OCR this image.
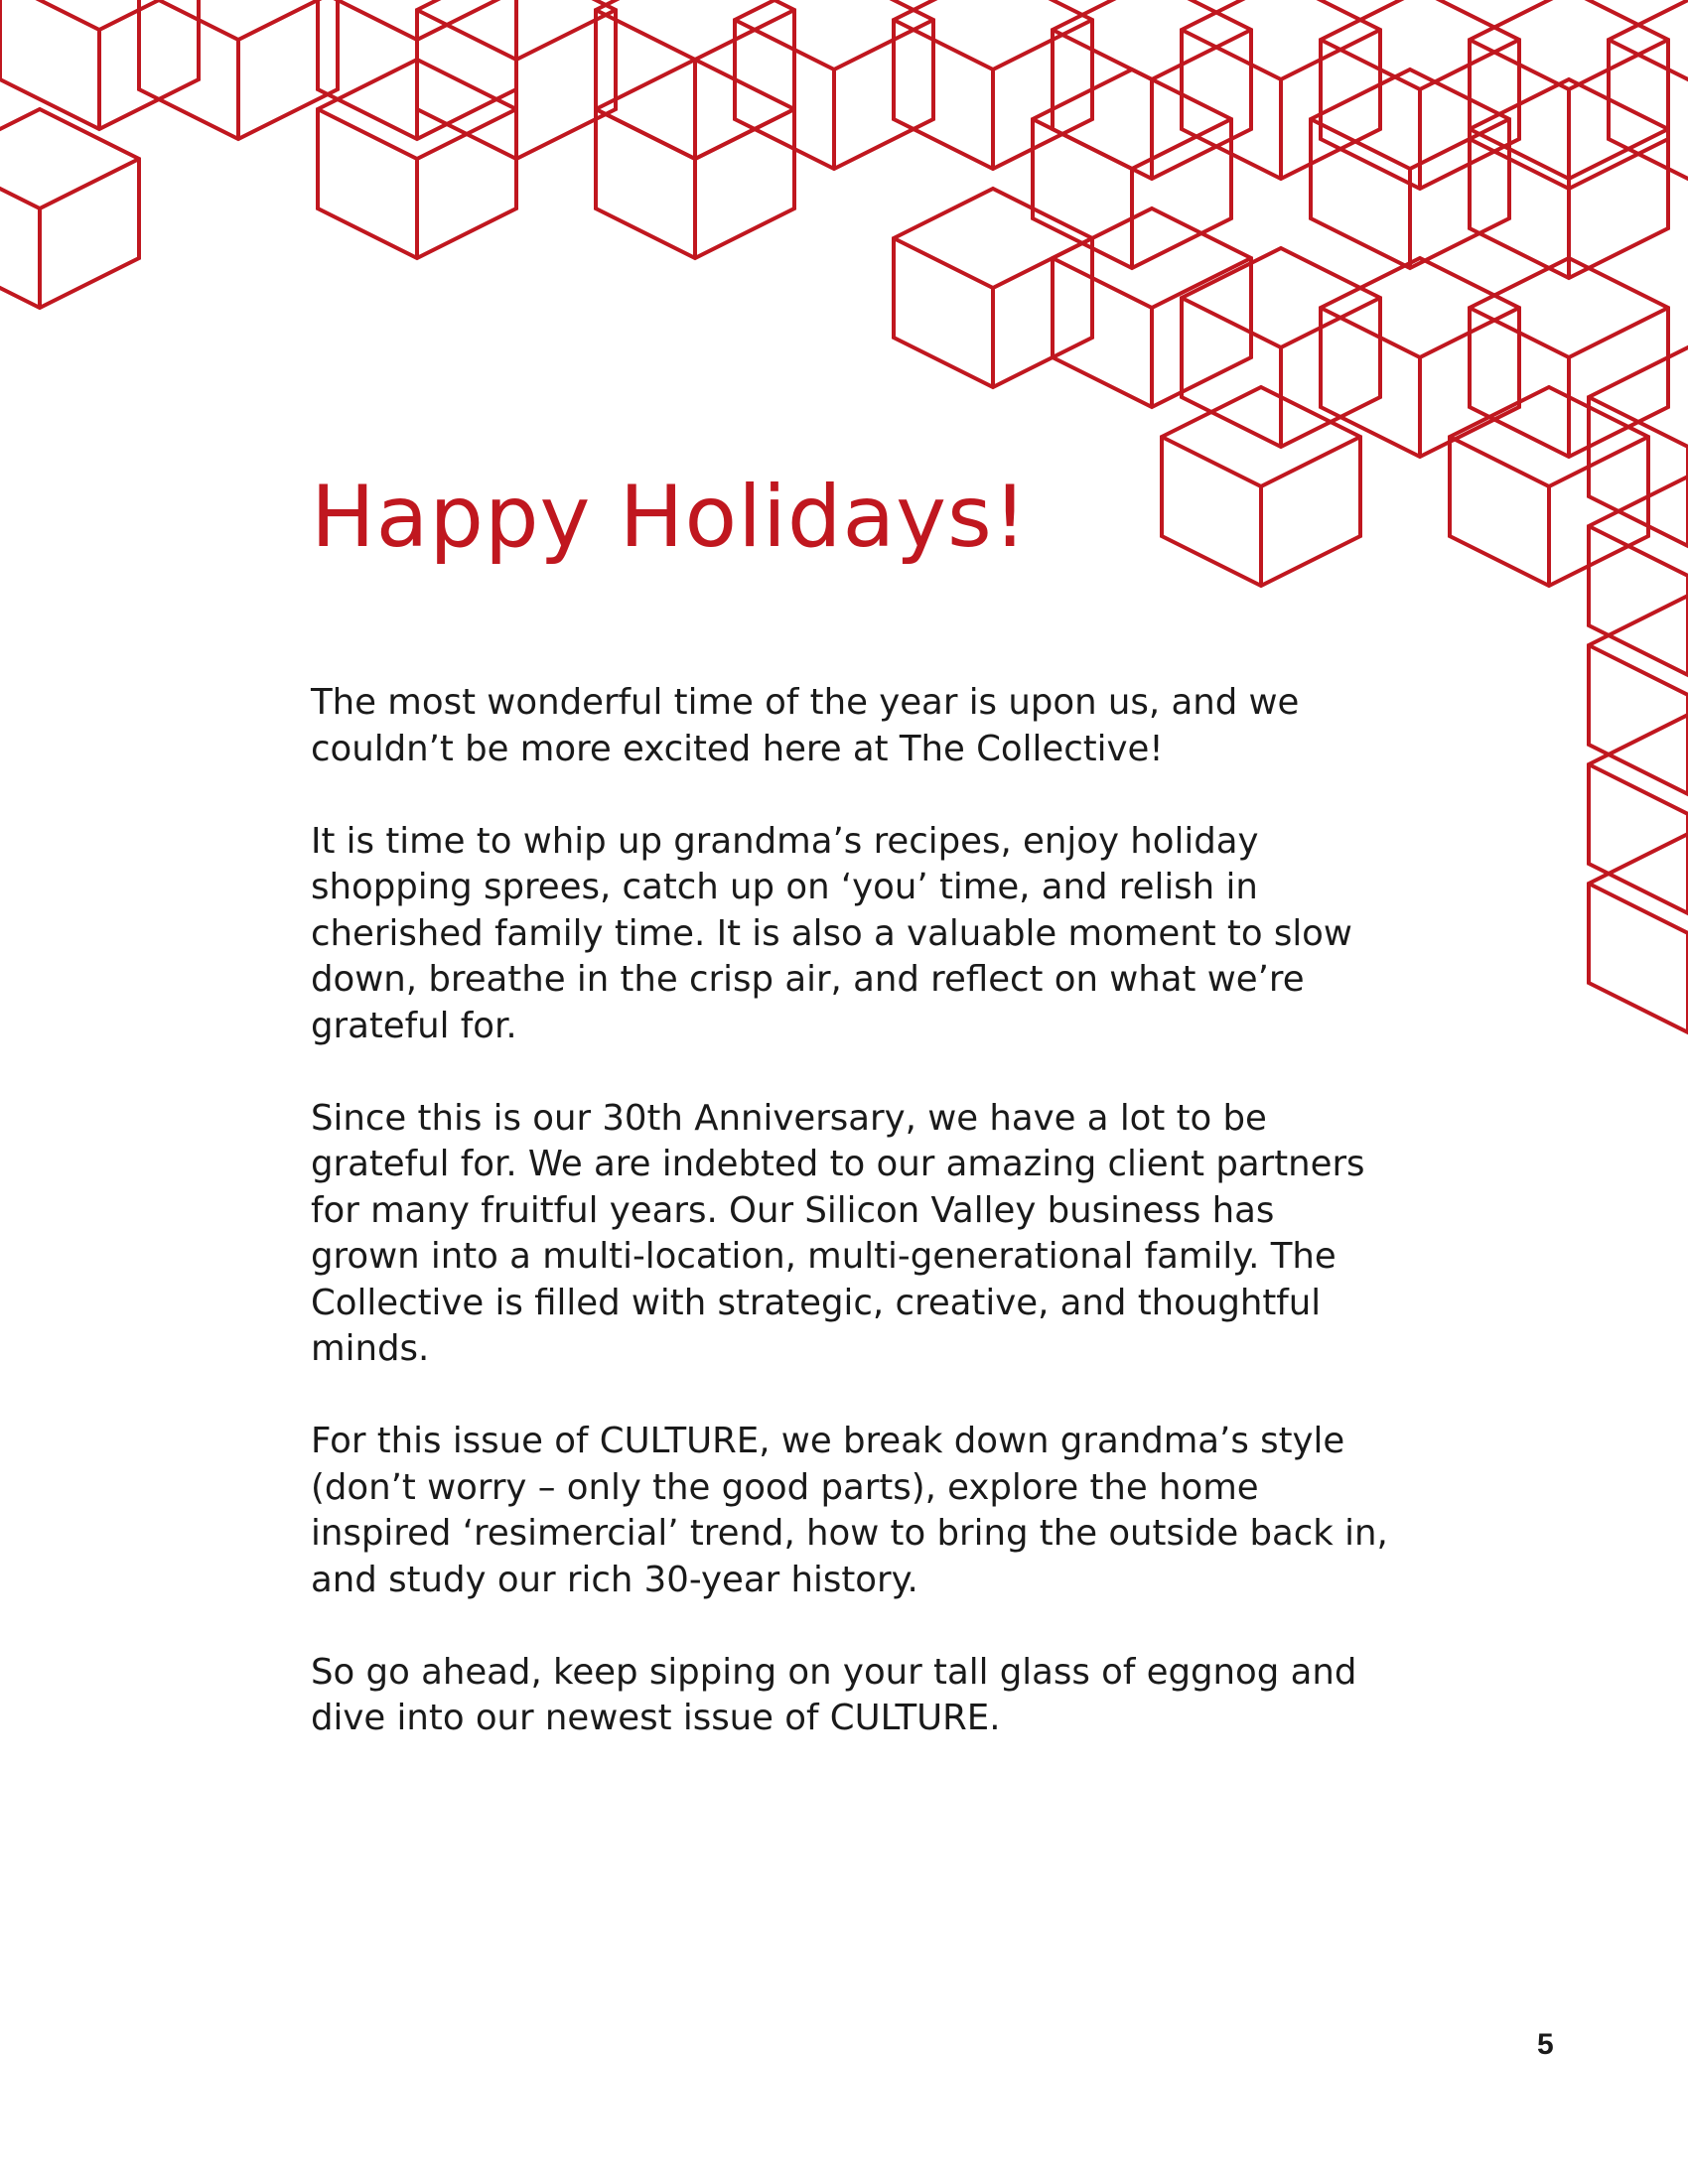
Happy Holidays!

The most wonderful time of the year is upon us, and we couldn’t be more excited here at The Collective!

It is time to whip up grandma’s recipes, enjoy holiday shopping sprees, catch up on ‘you’ time, and relish in cherished family time. It is also a valuable moment to slow down, breathe in the crisp air, and reflect on what we’re grateful for.

Since this is our 30th Anniversary, we have a lot to be grateful for. We are indebted to our amazing client partners for many fruitful years. Our Silicon Valley business has grown into a multi-location, multi-generational family. The Collective is filled with strategic, creative, and thoughtful minds.

For this issue of CULTURE, we break down grandma’s style (don’t worry – only the good parts), explore the home inspired ‘resimercial’ trend, how to bring the outside back in, and study our rich 30-year history.

So go ahead, keep sipping on your tall glass of eggnog and dive into our newest issue of CULTURE.

5
